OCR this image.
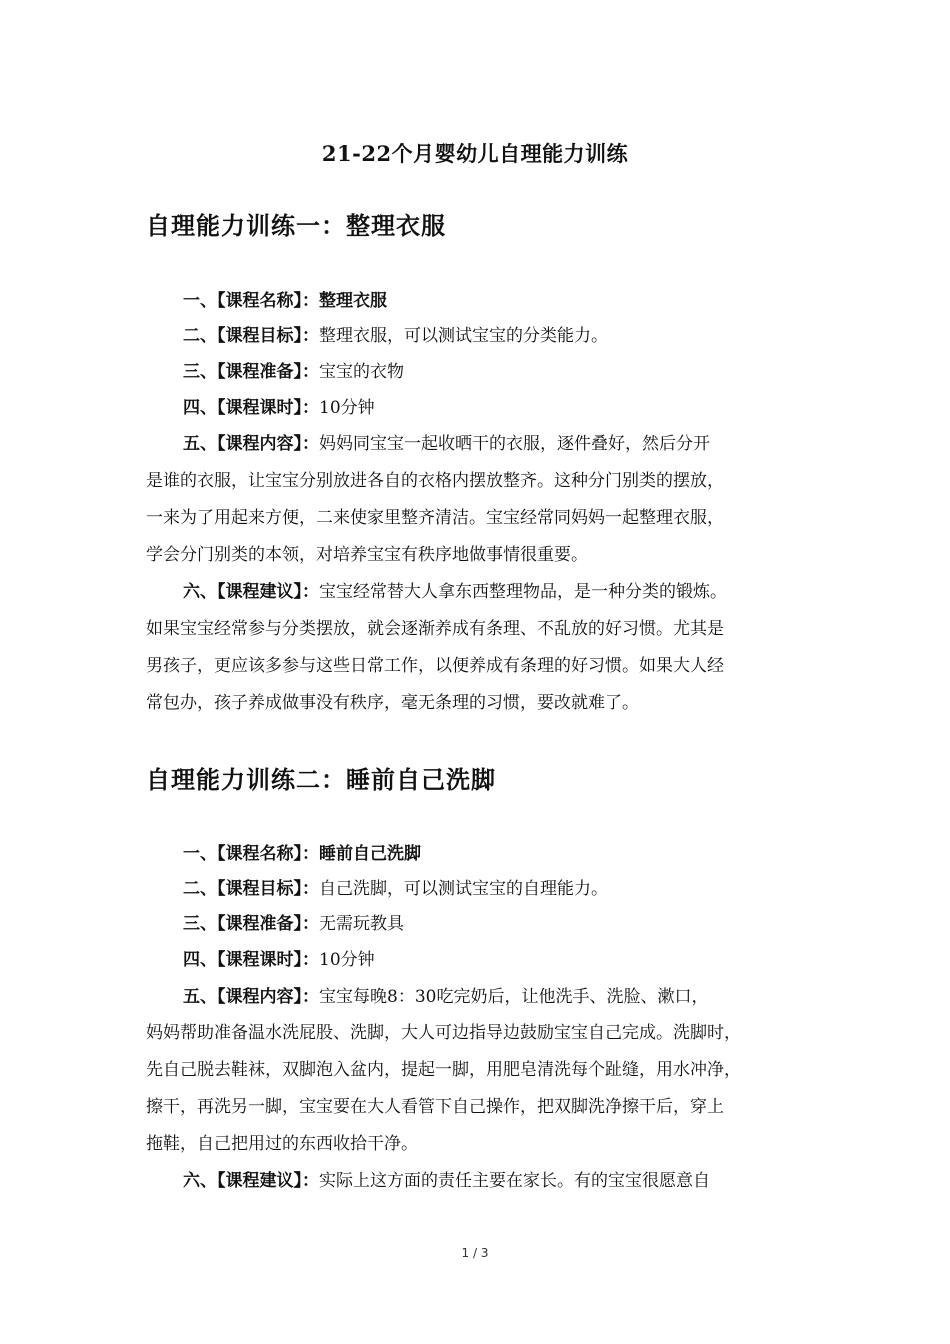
21-22个月婴幼儿自理能力训练
自理能力训练一：整理衣服
一、【课程名称】：整理衣服
二、【课程目标】：整理衣服，可以测试宝宝的分类能力。
三、【课程准备】：宝宝的衣物
四、【课程课时】：10分钟
五、【课程内容】：妈妈同宝宝一起收晒干的衣服，逐件叠好，然后分开
是谁的衣服，让宝宝分别放进各自的衣格内摆放整齐。这种分门别类的摆放，
一来为了用起来方便，二来使家里整齐清洁。宝宝经常同妈妈一起整理衣服，
学会分门别类的本领，对培养宝宝有秩序地做事情很重要。
六、【课程建议】：宝宝经常替大人拿东西整理物品，是一种分类的锻炼。
如果宝宝经常参与分类摆放，就会逐渐养成有条理、不乱放的好习惯。尤其是
男孩子，更应该多参与这些日常工作，以便养成有条理的好习惯。如果大人经
常包办，孩子养成做事没有秩序，毫无条理的习惯，要改就难了。
自理能力训练二：睡前自己洗脚
一、【课程名称】：睡前自己洗脚
二、【课程目标】：自己洗脚，可以测试宝宝的自理能力。
三、【课程准备】：无需玩教具
四、【课程课时】：10分钟
五、【课程内容】：宝宝每晚8：30吃完奶后，让他洗手、洗脸、漱口，
妈妈帮助准备温水洗屁股、洗脚，大人可边指导边鼓励宝宝自己完成。洗脚时，
先自己脱去鞋袜，双脚泡入盆内，提起一脚，用肥皂清洗每个趾缝，用水冲净，
擦干，再洗另一脚，宝宝要在大人看管下自己操作，把双脚洗净擦干后，穿上
拖鞋，自己把用过的东西收拾干净。
六、【课程建议】：实际上这方面的责任主要在家长。有的宝宝很愿意自
1 / 3
